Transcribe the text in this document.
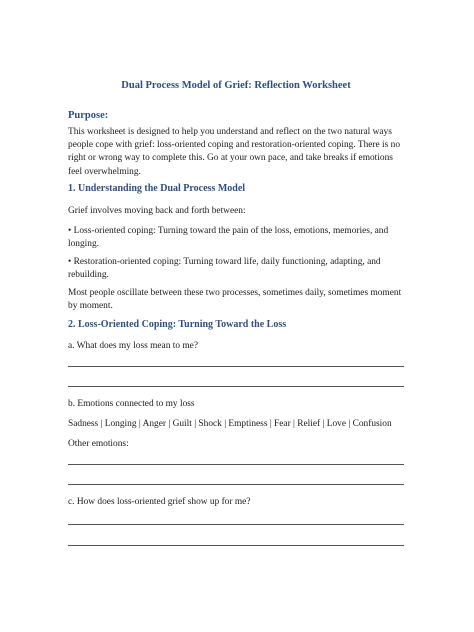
Dual Process Model of Grief: Reflection Worksheet
Purpose:

This worksheet is designed to help you understand and reflect on the two natural ways people cope with grief: loss-oriented coping and restoration-oriented coping. There is no right or wrong way to complete this. Go at your own pace, and take breaks if emotions feel overwhelming.

1. Understanding the Dual Process Model

Grief involves moving back and forth between:

• Loss-oriented coping: Turning toward the pain of the loss, emotions, memories, and longing.

• Restoration-oriented coping: Turning toward life, daily functioning, adapting, and rebuilding.

Most people oscillate between these two processes, sometimes daily, sometimes moment by moment.

2. Loss-Oriented Coping: Turning Toward the Loss

a. What does my loss mean to me?

b. Emotions connected to my loss

Sadness | Longing | Anger | Guilt | Shock | Emptiness | Fear | Relief | Love | Confusion

Other emotions:

c. How does loss-oriented grief show up for me?
